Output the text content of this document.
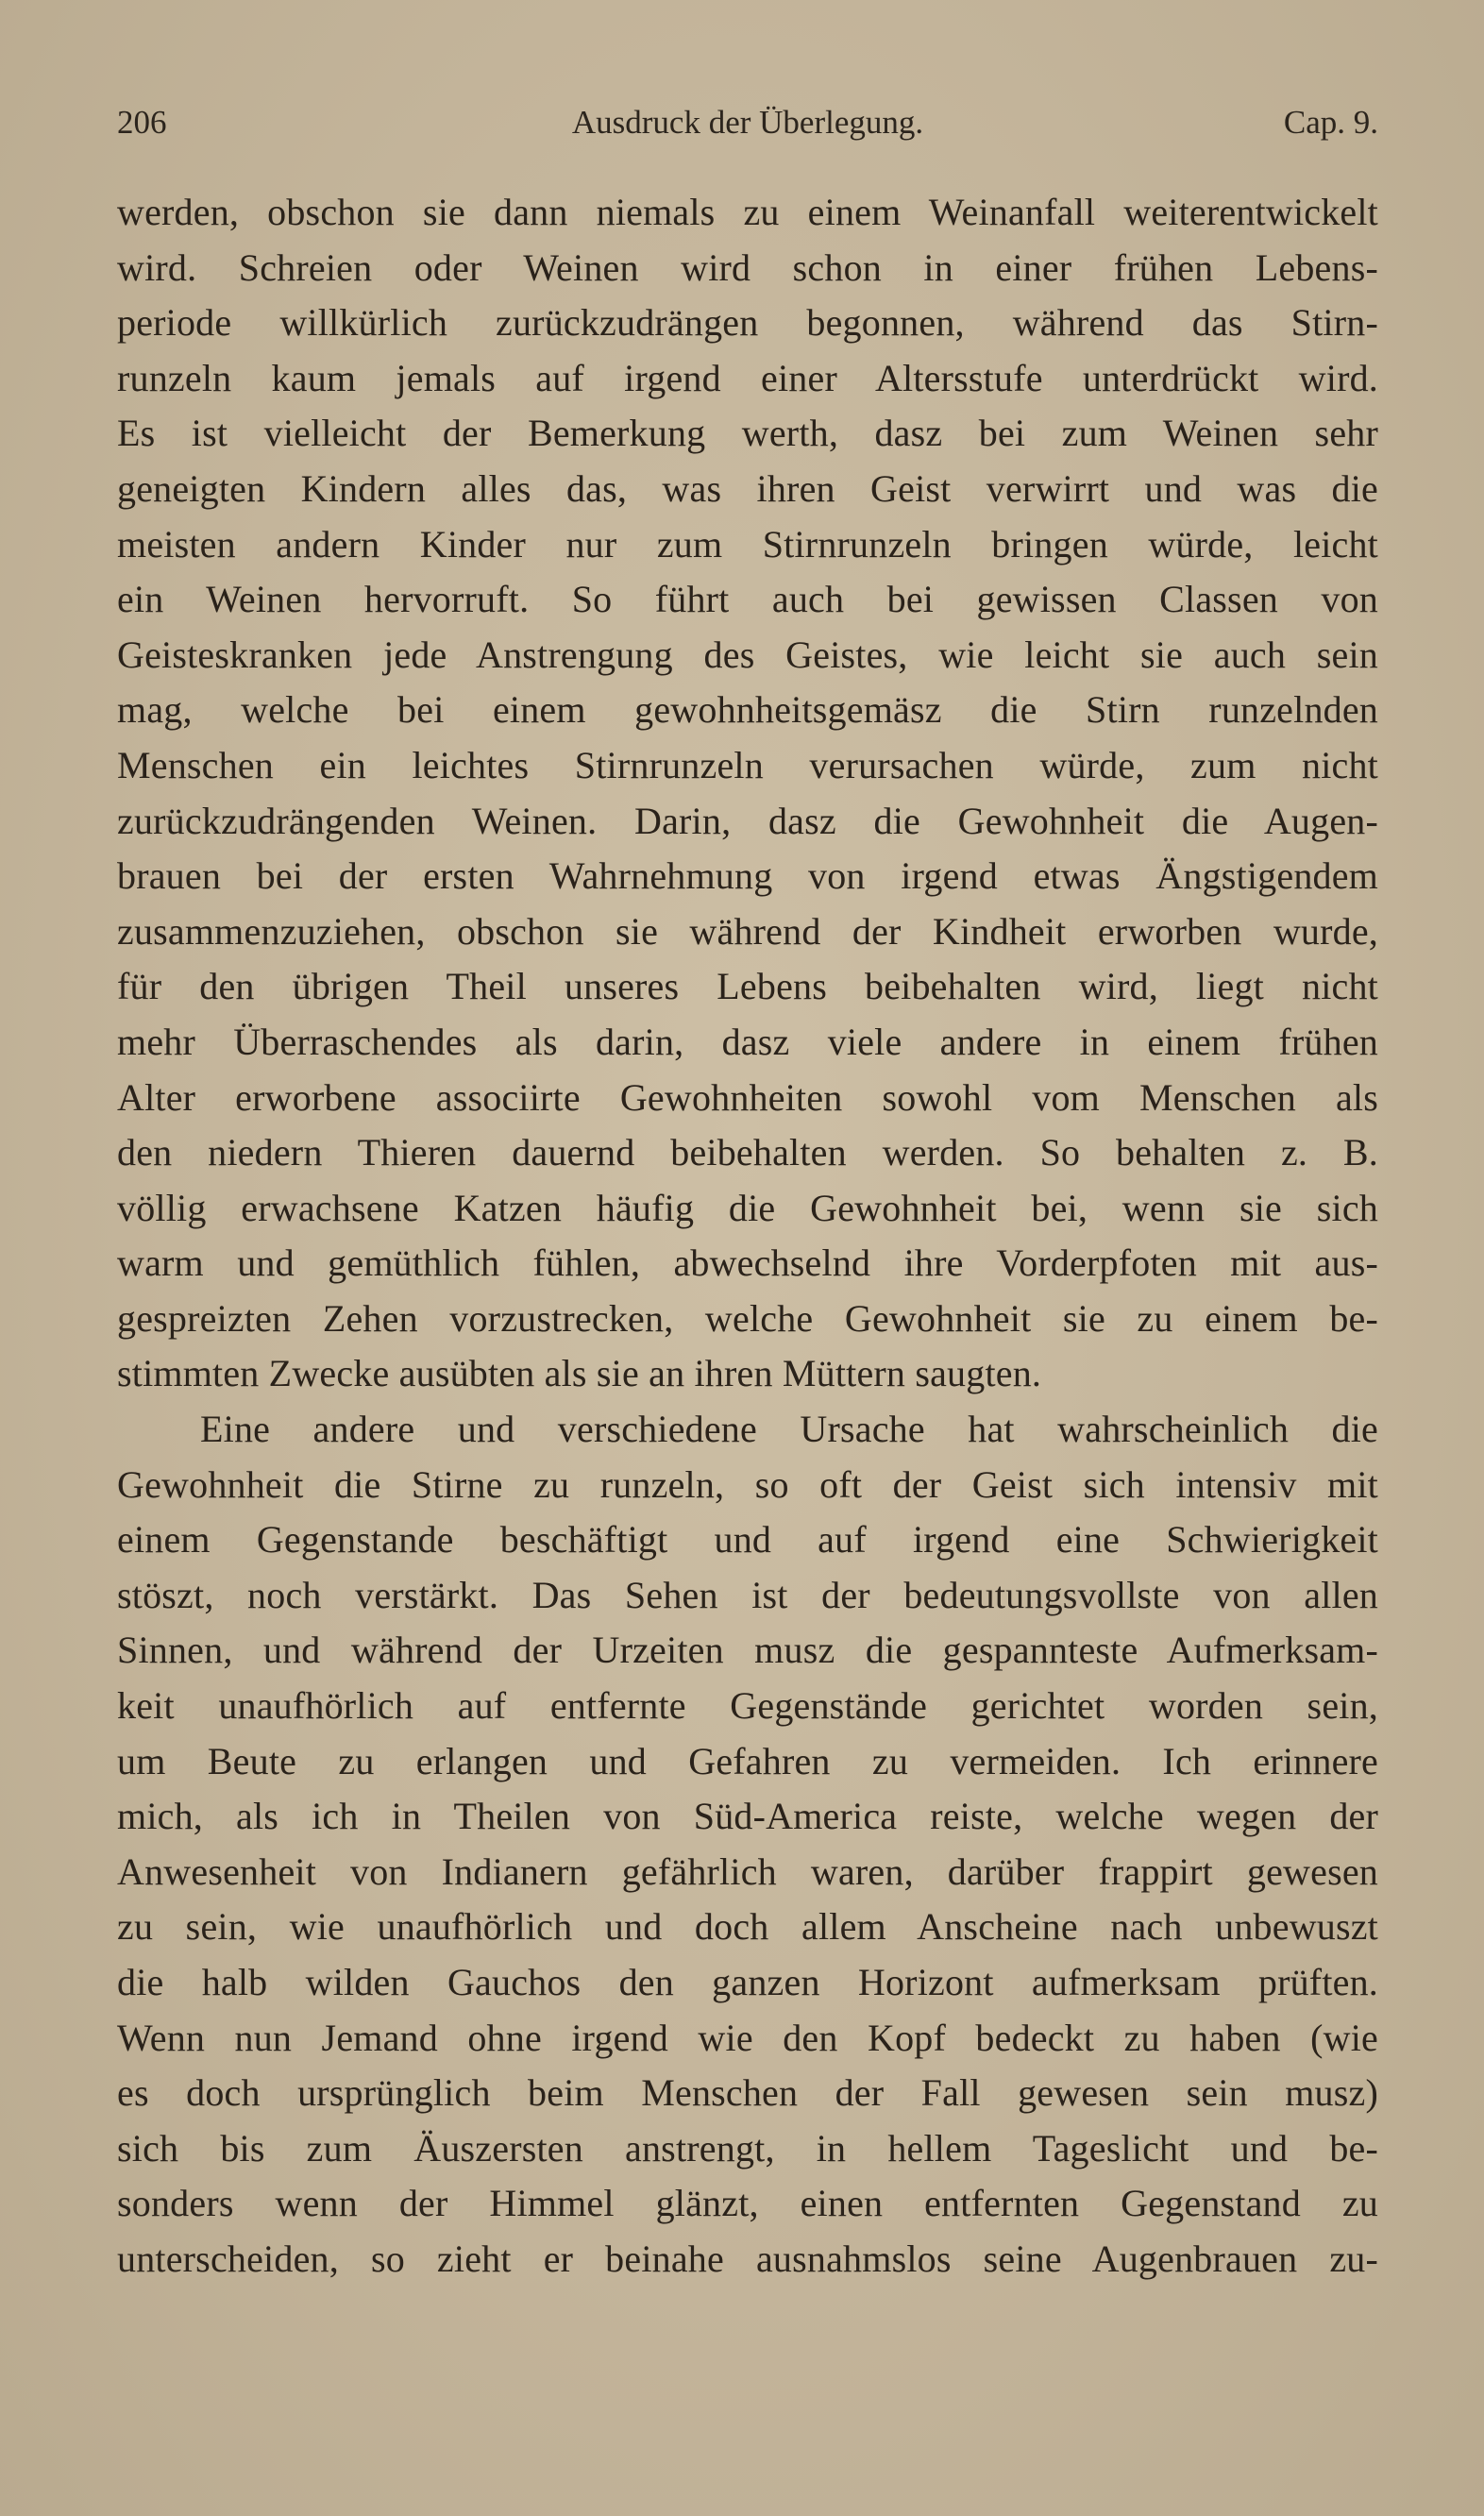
206	Ausdruck der Überlegung.	Cap. 9.
werden, obschon sie dann niemals zu einem Weinanfall weiterentwickelt
wird. Schreien oder Weinen wird schon in einer frühen Lebens-
periode willkürlich zurückzudrängen begonnen, während das Stirn-
runzeln kaum jemals auf irgend einer Altersstufe unterdrückt wird.
Es ist vielleicht der Bemerkung werth, dasz bei zum Weinen sehr
geneigten Kindern alles das, was ihren Geist verwirrt und was die
meisten andern Kinder nur zum Stirnrunzeln bringen würde, leicht
ein Weinen hervorruft. So führt auch bei gewissen Classen von
Geisteskranken jede Anstrengung des Geistes, wie leicht sie auch sein
mag, welche bei einem gewohnheitsgemäsz die Stirn runzelnden
Menschen ein leichtes Stirnrunzeln verursachen würde, zum nicht
zurückzudrängenden Weinen. Darin, dasz die Gewohnheit die Augen-
brauen bei der ersten Wahrnehmung von irgend etwas Ängstigendem
zusammenzuziehen, obschon sie während der Kindheit erworben wurde,
für den übrigen Theil unseres Lebens beibehalten wird, liegt nicht
mehr Überraschendes als darin, dasz viele andere in einem frühen
Alter erworbene associirte Gewohnheiten sowohl vom Menschen als
den niedern Thieren dauernd beibehalten werden. So behalten z. B.
völlig erwachsene Katzen häufig die Gewohnheit bei, wenn sie sich
warm und gemüthlich fühlen, abwechselnd ihre Vorderpfoten mit aus-
gespreizten Zehen vorzustrecken, welche Gewohnheit sie zu einem be-
stimmten Zwecke ausübten als sie an ihren Müttern saugten.
Eine andere und verschiedene Ursache hat wahrscheinlich die
Gewohnheit die Stirne zu runzeln, so oft der Geist sich intensiv mit
einem Gegenstande beschäftigt und auf irgend eine Schwierigkeit
stöszt, noch verstärkt. Das Sehen ist der bedeutungsvollste von allen
Sinnen, und während der Urzeiten musz die gespannteste Aufmerksam-
keit unaufhörlich auf entfernte Gegenstände gerichtet worden sein,
um Beute zu erlangen und Gefahren zu vermeiden. Ich erinnere
mich, als ich in Theilen von Süd-America reiste, welche wegen der
Anwesenheit von Indianern gefährlich waren, darüber frappirt gewesen
zu sein, wie unaufhörlich und doch allem Anscheine nach unbewuszt
die halb wilden Gauchos den ganzen Horizont aufmerksam prüften.
Wenn nun Jemand ohne irgend wie den Kopf bedeckt zu haben (wie
es doch ursprünglich beim Menschen der Fall gewesen sein musz)
sich bis zum Äuszersten anstrengt, in hellem Tageslicht und be-
sonders wenn der Himmel glänzt, einen entfernten Gegenstand zu
unterscheiden, so zieht er beinahe ausnahmslos seine Augenbrauen zu-
